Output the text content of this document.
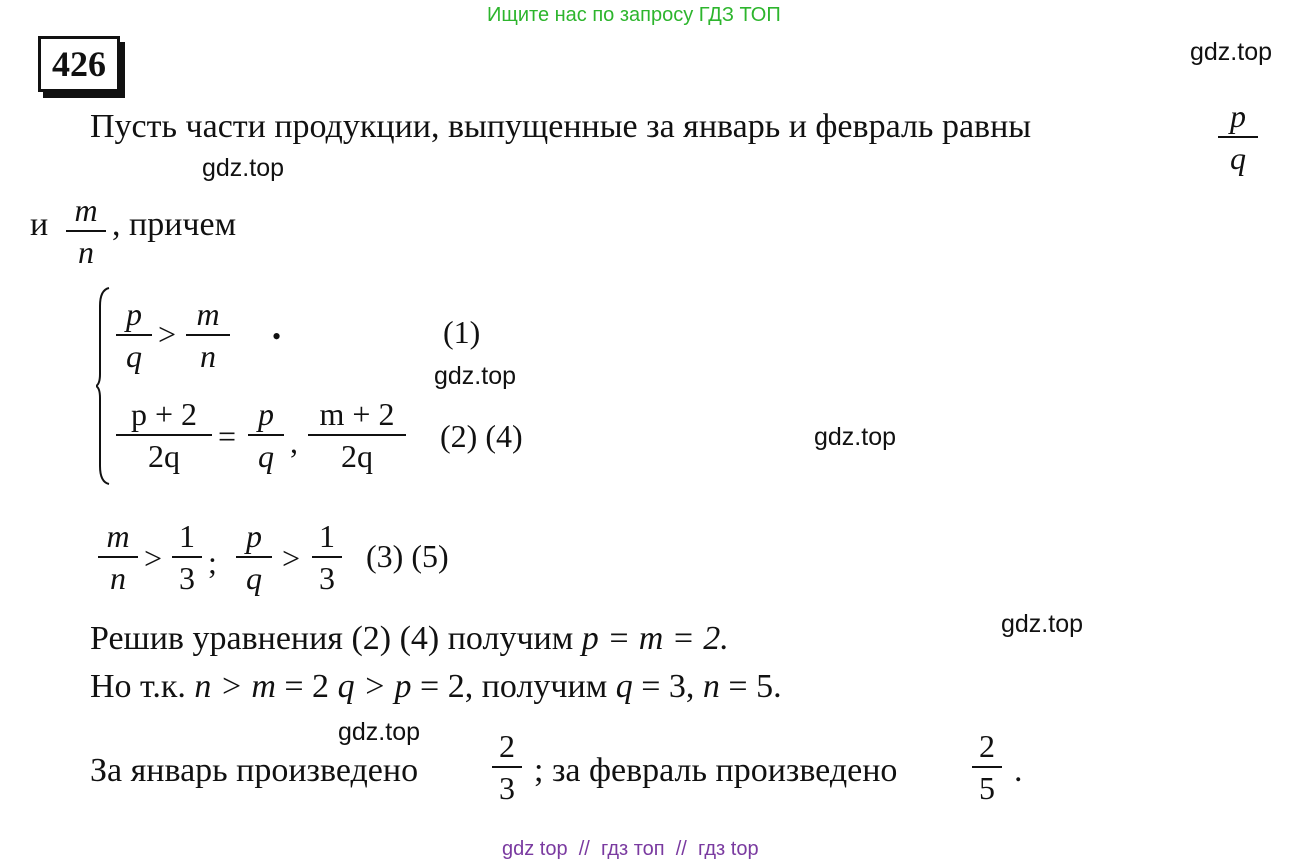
Ищите нас по запросу ГДЗ ТОП
426	gdz.top
gdz.top
gdz.top
gdz.top
gdz.top
gdz.top
Пусть части продукции, выпущенные за январь и февраль равны	p
q
и m
n
, причем
p
q
>
m
n
•	(1)
p + 2
2q
=
p
q ,
m + 2
2q
(2) (4)
m
n
>
1
3 ;
p
q
>
1
3
(3) (5)
Решив уравнения (2) (4) получим p = m = 2.
Но т.к. n > m = 2 q > p = 2, получим q = 3, n = 5.
За январь произведено
2
3 ; за февраль произведено
2
5 .
gdz top  //  гдз топ  //  гдз top
